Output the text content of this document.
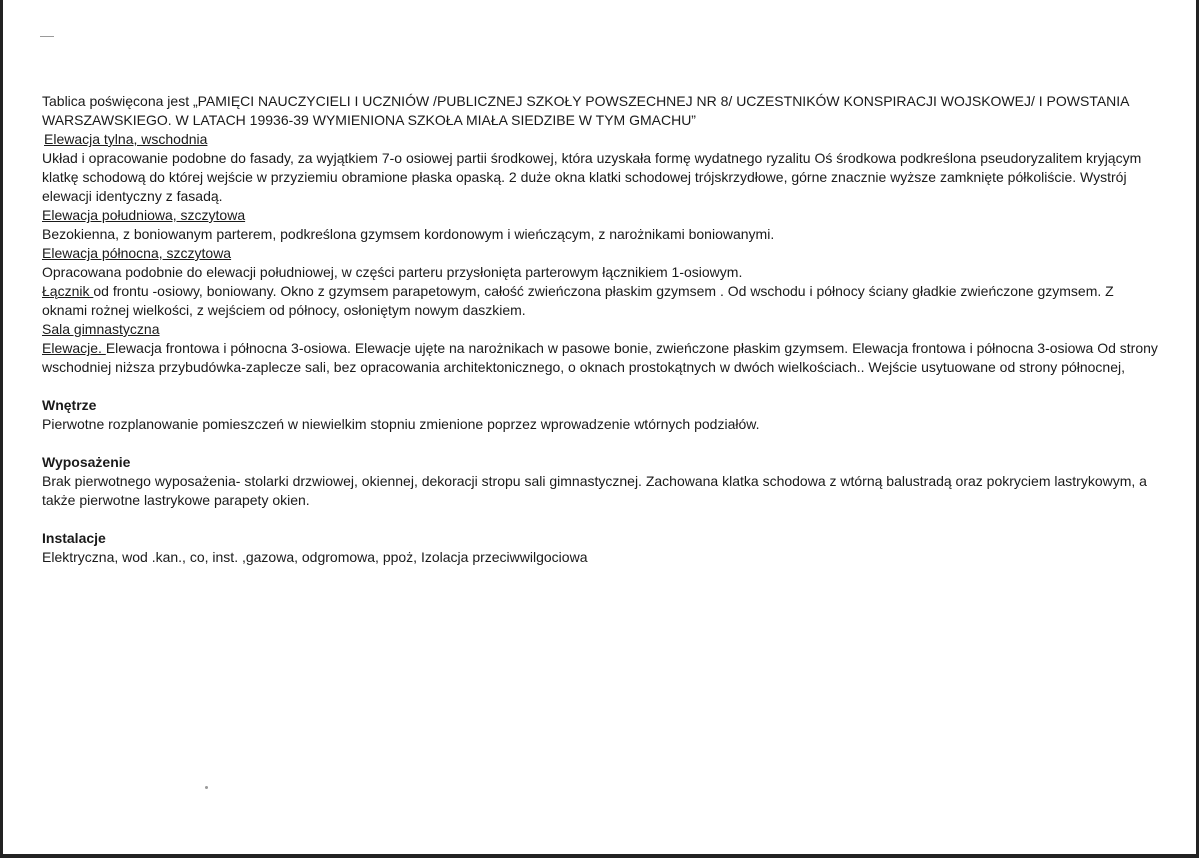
Tablica poświęcona jest „PAMIĘCI NAUCZYCIELI I UCZNIÓW /PUBLICZNEJ SZKOŁY POWSZECHNEJ NR 8/ UCZESTNIKÓW KONSPIRACJI WOJSKOWEJ/ I POWSTANIA WARSZAWSKIEGO. W LATACH 19936-39 WYMIENIONA SZKOŁA MIAŁA SIEDZIBE W TYM GMACHU”

Elewacja tylna, wschodnia

Układ i opracowanie podobne do fasady, za wyjątkiem 7-o osiowej partii środkowej, która uzyskała formę wydatnego ryzalitu Oś środkowa podkreślona pseudoryzalitem kryjącym klatkę schodową do której wejście w przyziemiu obramione płaska opaską. 2 duże okna klatki schodowej trójskrzydłowe, górne znacznie wyższe zamknięte półkoliście. Wystrój elewacji identyczny z fasadą.

Elewacja południowa, szczytowa

Bezokienna, z boniowanym parterem, podkreślona gzymsem kordonowym i wieńczącym, z narożnikami boniowanymi.

Elewacja północna, szczytowa

Opracowana podobnie do elewacji południowej, w części parteru przysłonięta parterowym łącznikiem 1-osiowym.

Łącznik od frontu -osiowy, boniowany. Okno z gzymsem parapetowym, całość zwieńczona płaskim gzymsem . Od wschodu i północy ściany gładkie zwieńczone gzymsem. Z oknami rożnej wielkości, z wejściem od północy, osłoniętym nowym daszkiem.

Sala gimnastyczna

Elewacje. Elewacja frontowa i północna 3-osiowa. Elewacje ujęte na narożnikach w pasowe bonie, zwieńczone płaskim gzymsem. Elewacja frontowa i północna 3-osiowa Od strony wschodniej niższa przybudówka-zaplecze sali, bez opracowania architektonicznego, o oknach prostokątnych w dwóch wielkościach.. Wejście usytuowane od strony północnej,

Wnętrze

Pierwotne rozplanowanie pomieszczeń w niewielkim stopniu zmienione poprzez wprowadzenie wtórnych podziałów.

Wyposażenie

Brak pierwotnego wyposażenia- stolarki drzwiowej, okiennej, dekoracji stropu sali gimnastycznej. Zachowana klatka schodowa z wtórną balustradą oraz pokryciem lastrykowym, a także pierwotne lastrykowe parapety okien.

Instalacje

Elektryczna, wod .kan., co, inst. ,gazowa, odgromowa, ppoż, Izolacja przeciwwilgociowa
